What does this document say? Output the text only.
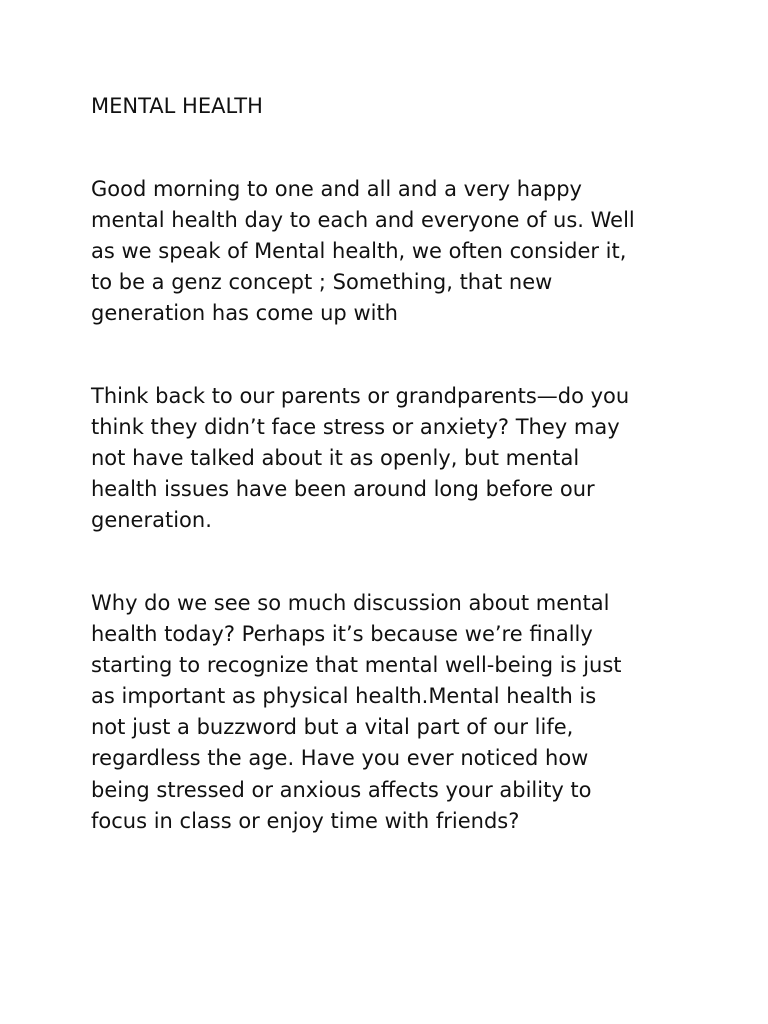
MENTAL HEALTH
Good morning to one and all and a very happy
mental health day to each and everyone of us. Well
as we speak of Mental health, we often consider it,
to be a genz concept ; Something, that new
generation has come up with
Think back to our parents or grandparents—do you
think they didn’t face stress or anxiety? They may
not have talked about it as openly, but mental
health issues have been around long before our
generation.
Why do we see so much discussion about mental
health today? Perhaps it’s because we’re finally
starting to recognize that mental well-being is just
as important as physical health.Mental health is
not just a buzzword but a vital part of our life,
regardless the age. Have you ever noticed how
being stressed or anxious affects your ability to
focus in class or enjoy time with friends?
